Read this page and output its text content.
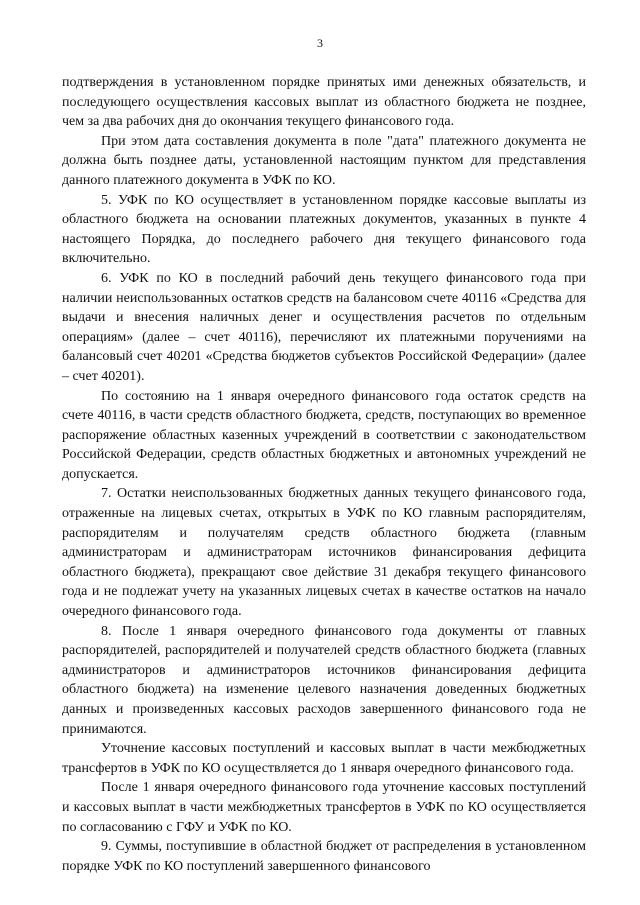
3

подтверждения в установленном порядке принятых ими денежных обязательств, и последующего осуществления кассовых выплат из областного бюджета не позднее, чем за два рабочих дня до окончания текущего финансового года.

При этом дата составления документа в поле "дата" платежного документа не должна быть позднее даты, установленной настоящим пунктом для представления данного платежного документа в УФК по КО.

5. УФК по КО осуществляет в установленном порядке кассовые выплаты из областного бюджета на основании платежных документов, указанных в пункте 4 настоящего Порядка, до последнего рабочего дня текущего финансового года включительно.

6. УФК по КО в последний рабочий день текущего финансового года при наличии неиспользованных остатков средств на балансовом счете 40116 «Средства для выдачи и внесения наличных денег и осуществления расчетов по отдельным операциям» (далее – счет 40116), перечисляют их платежными поручениями на балансовый счет 40201 «Средства бюджетов субъектов Российской Федерации» (далее – счет 40201).

По состоянию на 1 января очередного финансового года остаток средств на счете 40116, в части средств областного бюджета, средств, поступающих во временное распоряжение областных казенных учреждений в соответствии с законодательством Российской Федерации, средств областных бюджетных и автономных учреждений не допускается.

7. Остатки неиспользованных бюджетных данных текущего финансового года, отраженные на лицевых счетах, открытых в УФК по КО главным распорядителям, распорядителям и получателям средств областного бюджета (главным администраторам и администраторам источников финансирования дефицита областного бюджета), прекращают свое действие 31 декабря текущего финансового года и не подлежат учету на указанных лицевых счетах в качестве остатков на начало очередного финансового года.

8. После 1 января очередного финансового года документы от главных распорядителей, распорядителей и получателей средств областного бюджета (главных администраторов и администраторов источников финансирования дефицита областного бюджета) на изменение целевого назначения доведенных бюджетных данных и произведенных кассовых расходов завершенного финансового года не принимаются.

Уточнение кассовых поступлений и кассовых выплат в части межбюджетных трансфертов в УФК по КО осуществляется до 1 января очередного финансового года.

После 1 января очередного финансового года уточнение кассовых поступлений и кассовых выплат в части межбюджетных трансфертов в УФК по КО осуществляется по согласованию с ГФУ и УФК по КО.

9. Суммы, поступившие в областной бюджет от распределения в установленном порядке УФК по КО поступлений завершенного финансового
